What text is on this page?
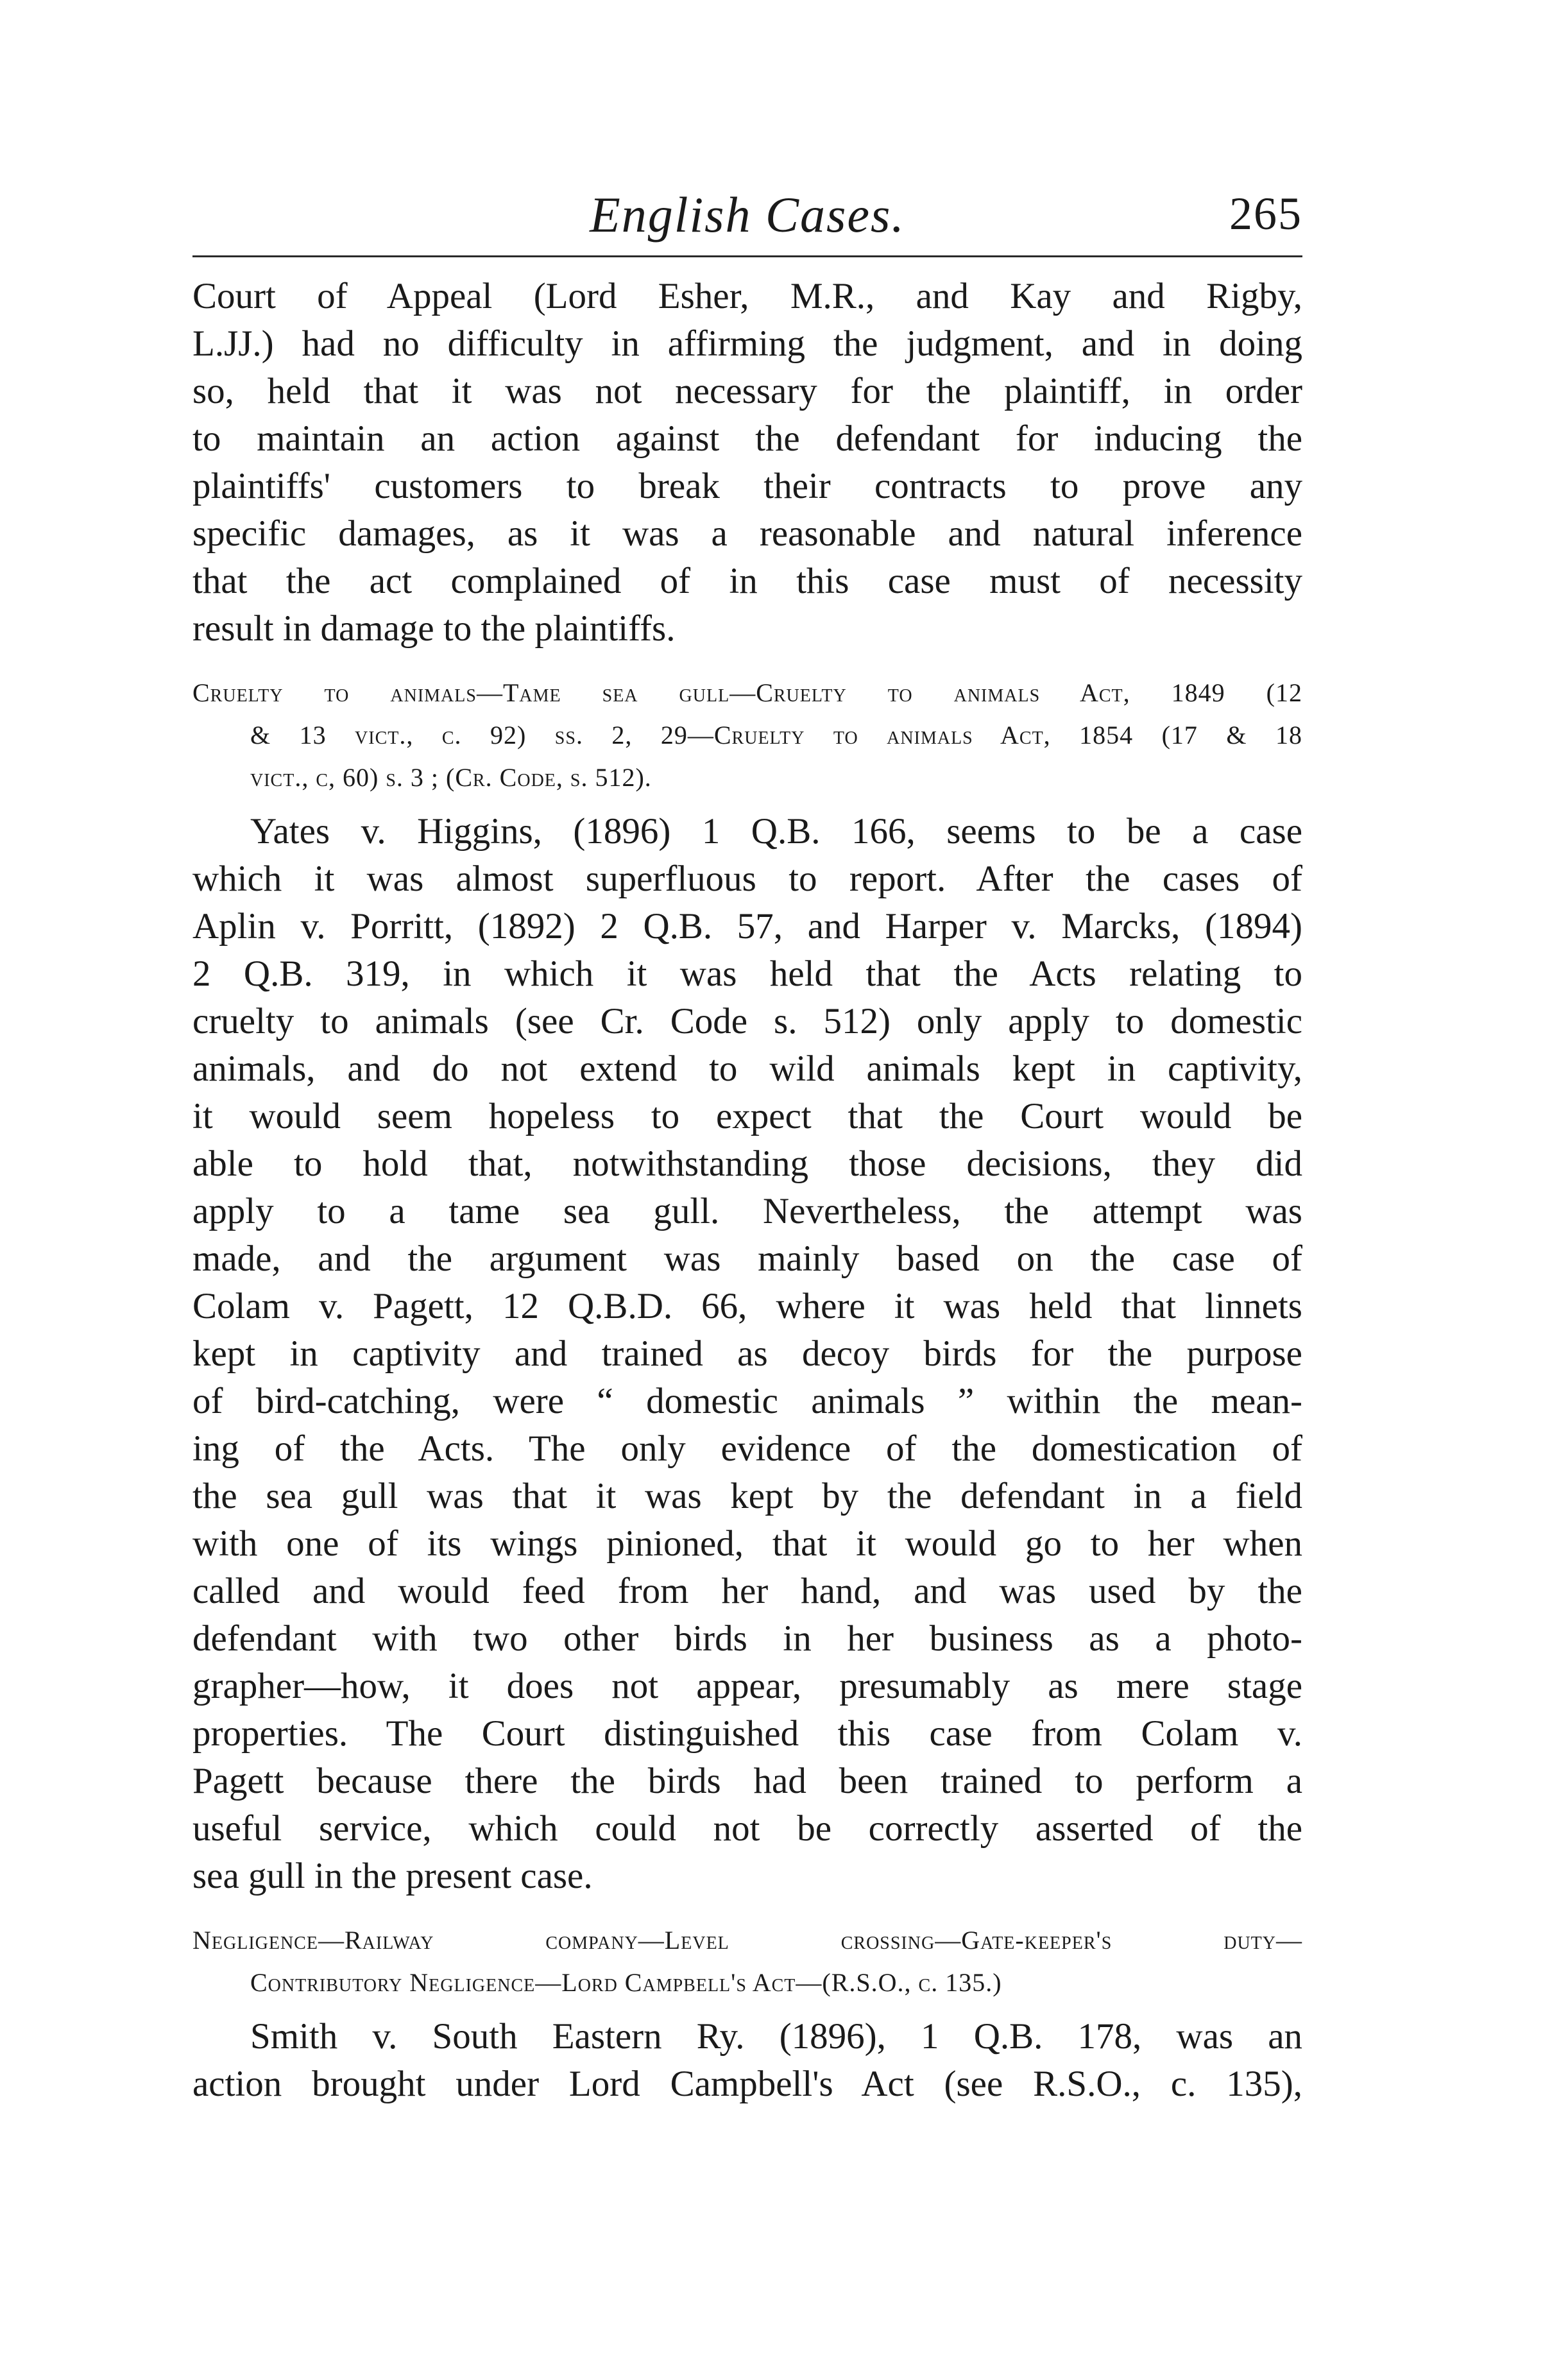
English Cases.	265
Court of Appeal (Lord Esher, M.R., and Kay and Rigby,
L.JJ.) had no difficulty in affirming the judgment, and in doing
so, held that it was not necessary for the plaintiff, in order
to maintain an action against the defendant for inducing the
plaintiffs' customers to break their contracts to prove any
specific damages, as it was a reasonable and natural inference
that the act complained of in this case must of necessity
result in damage to the plaintiffs.
Cruelty to animals—Tame sea gull—Cruelty to animals Act, 1849 (12
& 13 vict., c. 92) ss. 2, 29—Cruelty to animals Act, 1854 (17 & 18
vict., c, 60) s. 3 ; (Cr. Code, s. 512).
Yates v. Higgins, (1896) 1 Q.B. 166, seems to be a case
which it was almost superfluous to report. After the cases of
Aplin v. Porritt, (1892) 2 Q.B. 57, and Harper v. Marcks, (1894)
2 Q.B. 319, in which it was held that the Acts relating to
cruelty to animals (see Cr. Code s. 512) only apply to domestic
animals, and do not extend to wild animals kept in captivity,
it would seem hopeless to expect that the Court would be
able to hold that, notwithstanding those decisions, they did
apply to a tame sea gull. Nevertheless, the attempt was
made, and the argument was mainly based on the case of
Colam v. Pagett, 12 Q.B.D. 66, where it was held that linnets
kept in captivity and trained as decoy birds for the purpose
of bird-catching, were “ domestic animals ” within the mean-
ing of the Acts. The only evidence of the domestication of
the sea gull was that it was kept by the defendant in a field
with one of its wings pinioned, that it would go to her when
called and would feed from her hand, and was used by the
defendant with two other birds in her business as a photo-
grapher—how, it does not appear, presumably as mere stage
properties. The Court distinguished this case from Colam v.
Pagett because there the birds had been trained to perform a
useful service, which could not be correctly asserted of the
sea gull in the present case.
Negligence—Railway company—Level crossing—Gate-keeper's duty—
Contributory Negligence—Lord Campbell's Act—(R.S.O., c. 135.)
Smith v. South Eastern Ry. (1896), 1 Q.B. 178, was an
action brought under Lord Campbell's Act (see R.S.O., c. 135),
